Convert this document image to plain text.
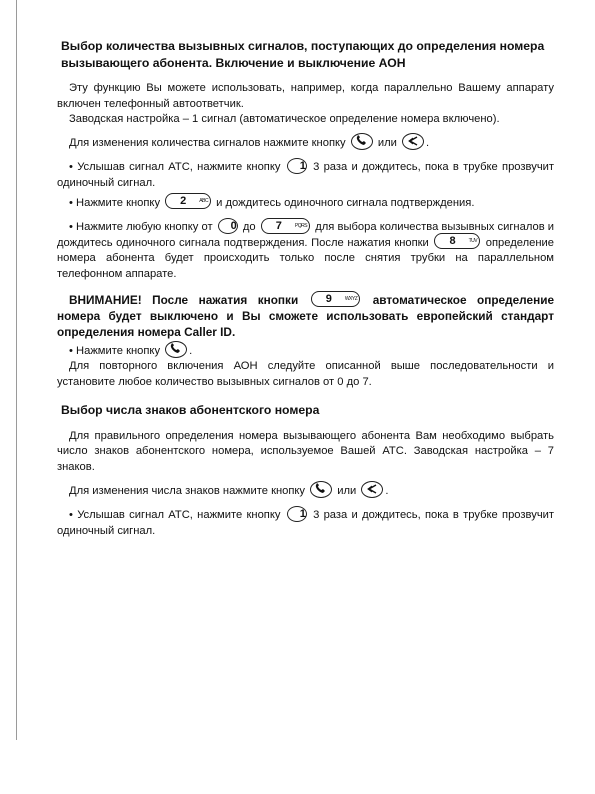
Выбор количества вызывных сигналов, поступающих до определения номера вызывающего абонента. Включение и выключение АОН

Эту функцию Вы можете использовать, например, когда параллельно Вашему аппарату включен телефонный автоответчик.

Заводская настройка – 1 сигнал (автоматическое определение номера включено).

Для изменения количества сигналов нажмите кнопку	или	.

• Услышав сигнал АТС, нажмите кнопку 1 3 раза и дождитесь, пока в трубке прозвучит одиночный сигнал.

• Нажмите кнопку	2	ABC и дождитесь одиночного сигнала подтверждения.

• Нажмите любую кнопку от 0 до	7	PQRS для выбора количества вызывных сигналов и дождитесь одиночного сигнала подтверждения. После нажатия кнопки	8	TUV определение номера абонента будет происходить только после снятия трубки на параллельном телефонном аппарате.

ВНИМАНИЕ! После нажатия кнопки	9	WXYZ автоматическое определение номера будет выключено и Вы сможете использовать европейский стандарт определения номера Caller ID.

• Нажмите кнопку	.

Для повторного включения АОН следуйте описанной выше последовательности и установите любое количество вызывных сигналов от 0 до 7.

Выбор числа знаков абонентского номера

Для правильного определения номера вызывающего абонента Вам необходимо выбрать число знаков абонентского номера, используемое Вашей АТС. Заводская настройка – 7 знаков.

Для изменения числа знаков нажмите кнопку	или	.

• Услышав сигнал АТС, нажмите кнопку 1 3 раза и дождитесь, пока в трубке прозвучит одиночный сигнал.
